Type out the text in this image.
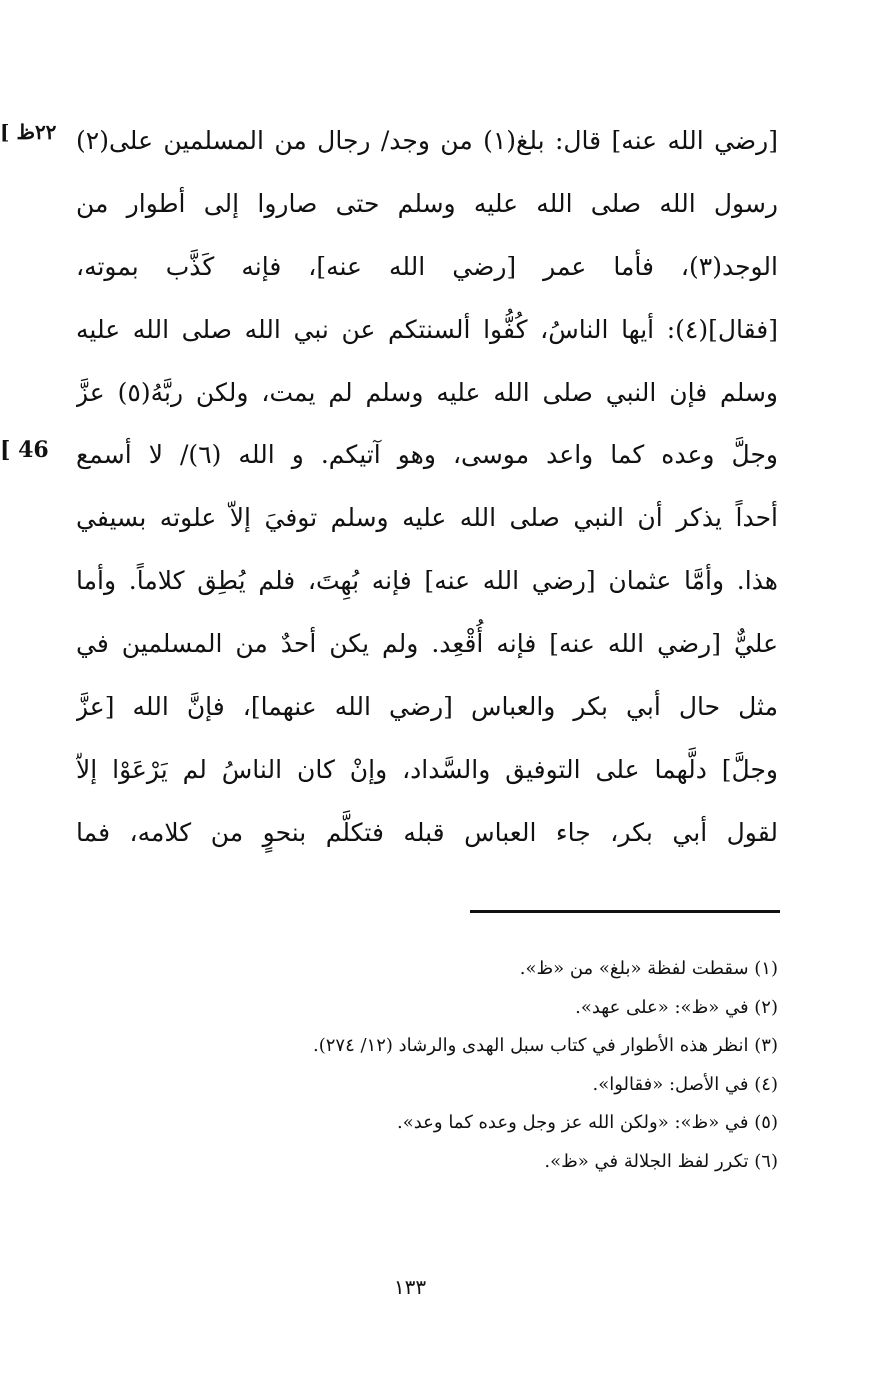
[ ٢٢ظ
[ 46
[رضي الله عنه] قال: بلغ(١) من وجد/ رجال من المسلمين على(٢)
رسول الله صلى الله عليه وسلم حتى صاروا إلى أطوار من
الوجد(٣)، فأما عمر [رضي الله عنه]، فإنه كَذَّب بموته،
[فقال](٤): أيها الناسُ، كُفُّوا ألسنتكم عن نبي الله صلى الله عليه
وسلم فإن النبي صلى الله عليه وسلم لم يمت، ولكن ربَّهُ(٥) عزَّ
وجلَّ وعده كما واعد موسى، وهو آتيكم. و الله (٦)/ لا أسمع
أحداً يذكر أن النبي صلى الله عليه وسلم توفيَ إلاّ علوته بسيفي
هذا. وأمَّا عثمان [رضي الله عنه] فإنه بُهِتَ، فلم يُطِق كلاماً. وأما
عليٌّ [رضي الله عنه] فإنه أُقْعِد. ولم يكن أحدٌ من المسلمين في
مثل حال أبي بكر والعباس [رضي الله عنهما]، فإنَّ الله [عزَّ
وجلَّ] دلَّهما على التوفيق والسَّداد، وإنْ كان الناسُ لم يَرْعَوْا إلاّ
لقول أبي بكر، جاء العباس قبله فتكلَّم بنحوٍ من كلامه، فما
(١) سقطت لفظة «بلغ» من «ظ».
(٢) في «ظ»: «على عهد».
(٣) انظر هذه الأطوار في كتاب سبل الهدى والرشاد (١٢/ ٢٧٤).
(٤) في الأصل: «فقالوا».
(٥) في «ظ»: «ولكن الله عز وجل وعده كما وعد».
(٦) تكرر لفظ الجلالة في «ظ».
١٣٣
